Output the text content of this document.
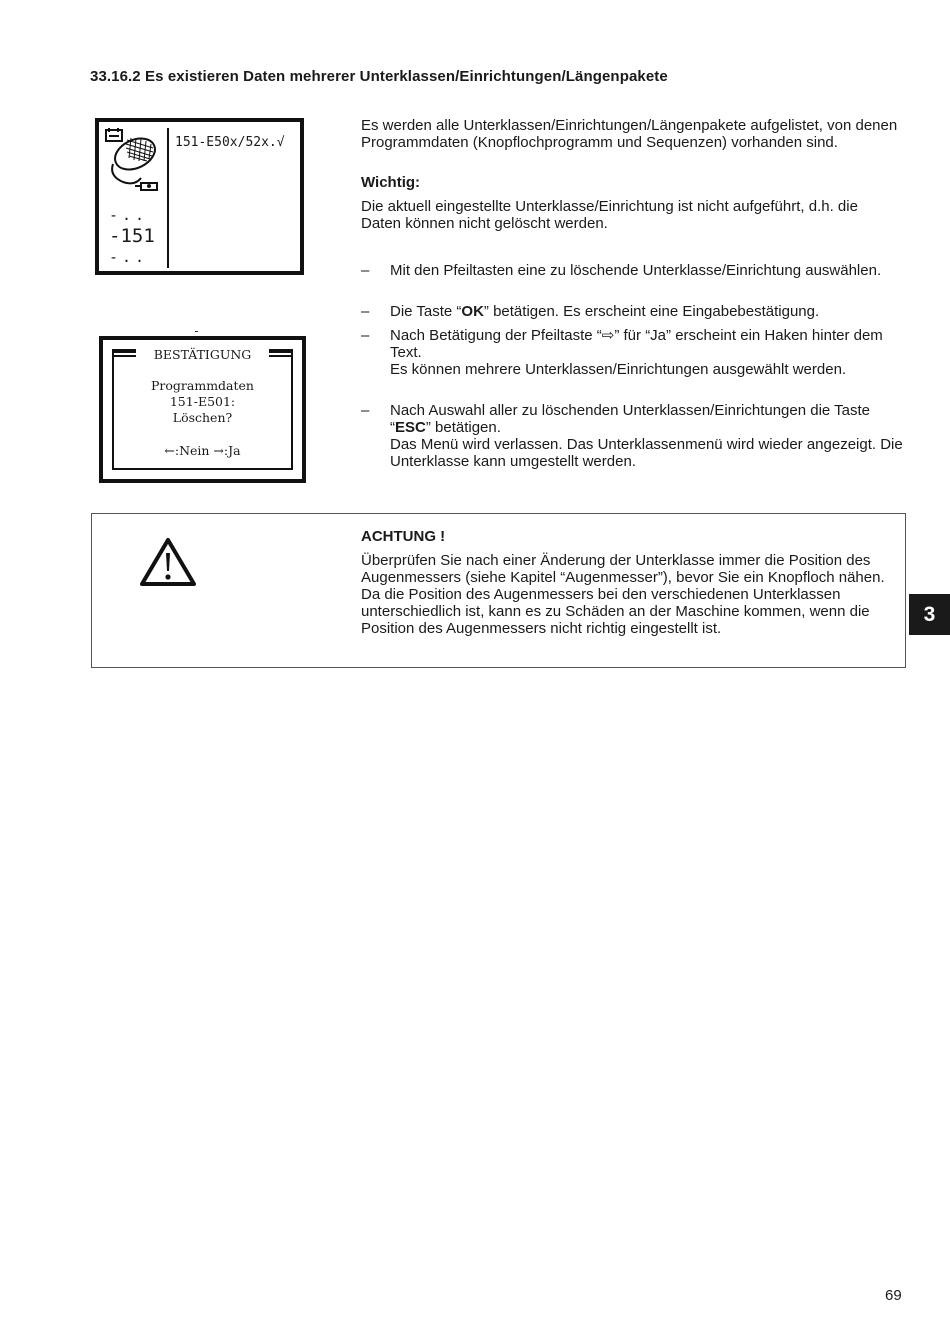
33.16.2 Es existieren Daten mehrerer Unterklassen/Einrichtungen/Längenpakete
151-E50x/52x.√
-..
-151
-..
BESTÄTIGUNG
Programmdaten
151-E501:
Löschen?
←:Nein →:Ja

Es werden alle Unterklassen/Einrichtungen/Längenpakete aufgelistet, von denen Programmdaten (Knopflochprogramm und Sequenzen) vorhanden sind.

Wichtig:
Die aktuell eingestellte Unterklasse/Einrichtung ist nicht aufgeführt, d.h. die Daten können nicht gelöscht werden.
– Mit den Pfeiltasten eine zu löschende Unterklasse/Einrichtung auswählen.
– Die Taste “OK” betätigen. Es erscheint eine Eingabebestätigung.
– Nach Betätigung der Pfeiltaste “⇨” für “Ja” erscheint ein Haken hinter dem Text.
Es können mehrere Unterklassen/Einrichtungen ausgewählt werden.
– Nach Auswahl aller zu löschenden Unterklassen/Einrichtungen die Taste “ESC” betätigen.
Das Menü wird verlassen. Das Unterklassenmenü wird wieder angezeigt. Die Unterklasse kann umgestellt werden.
ACHTUNG !
Überprüfen Sie nach einer Änderung der Unterklasse immer die Position des Augenmessers (siehe Kapitel “Augenmesser”), bevor Sie ein Knopfloch nähen. Da die Position des Augenmessers bei den verschiedenen Unterklassen unterschiedlich ist, kann es zu Schäden an der Maschine kommen, wenn die Position des Augenmessers nicht richtig eingestellt ist.
3
69
